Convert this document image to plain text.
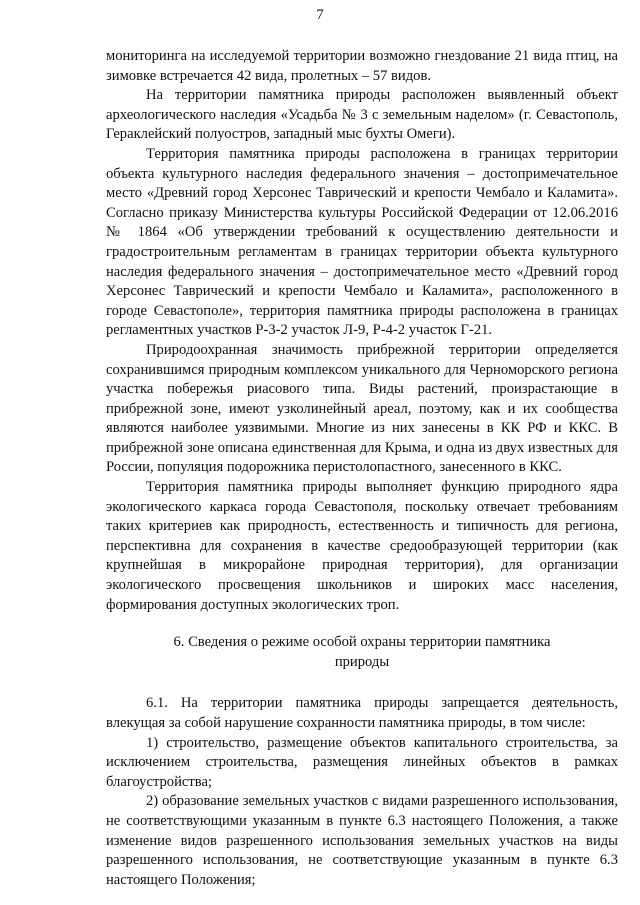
7

мониторинга на исследуемой территории возможно гнездование 21 вида птиц, на зимовке встречается 42 вида, пролетных – 57 видов.

На территории памятника природы расположен выявленный объект археологического наследия «Усадьба № 3 с земельным наделом» (г. Севастополь, Гераклейский полуостров, западный мыс бухты Омеги).

Территория памятника природы расположена в границах территории объекта культурного наследия федерального значения – достопримечательное место «Древний город Херсонес Таврический и крепости Чембало и Каламита». Согласно приказу Министерства культуры Российской Федерации от 12.06.2016 № 1864 «Об утверждении требований к осуществлению деятельности и градостроительным регламентам в границах территории объекта культурного наследия федерального значения – достопримечательное место «Древний город Херсонес Таврический и крепости Чембало и Каламита», расположенного в городе Севастополе», территория памятника природы расположена в границах регламентных участков Р-3-2 участок Л-9, Р-4-2 участок Г-21.

Природоохранная значимость прибрежной территории определяется сохранившимся природным комплексом уникального для Черноморского региона участка побережья риасового типа. Виды растений, произрастающие в прибрежной зоне, имеют узколинейный ареал, поэтому, как и их сообщества являются наиболее уязвимыми. Многие из них занесены в КК РФ и ККС. В прибрежной зоне описана единственная для Крыма, и одна из двух известных для России, популяция подорожника перистолопастного, занесенного в ККС.

Территория памятника природы выполняет функцию природного ядра экологического каркаса города Севастополя, поскольку отвечает требованиям таких критериев как природность, естественность и типичность для региона, перспективна для сохранения в качестве средообразующей территории (как крупнейшая в микрорайоне природная территория), для организации экологического просвещения школьников и широких масс населения, формирования доступных экологических троп.

6. Сведения о режиме особой охраны территории памятника природы

6.1. На территории памятника природы запрещается деятельность, влекущая за собой нарушение сохранности памятника природы, в том числе:

1) строительство, размещение объектов капитального строительства, за исключением строительства, размещения линейных объектов в рамках благоустройства;

2) образование земельных участков с видами разрешенного использования, не соответствующими указанным в пункте 6.3 настоящего Положения, а также изменение видов разрешенного использования земельных участков на виды разрешенного использования, не соответствующие указанным в пункте 6.3 настоящего Положения;
